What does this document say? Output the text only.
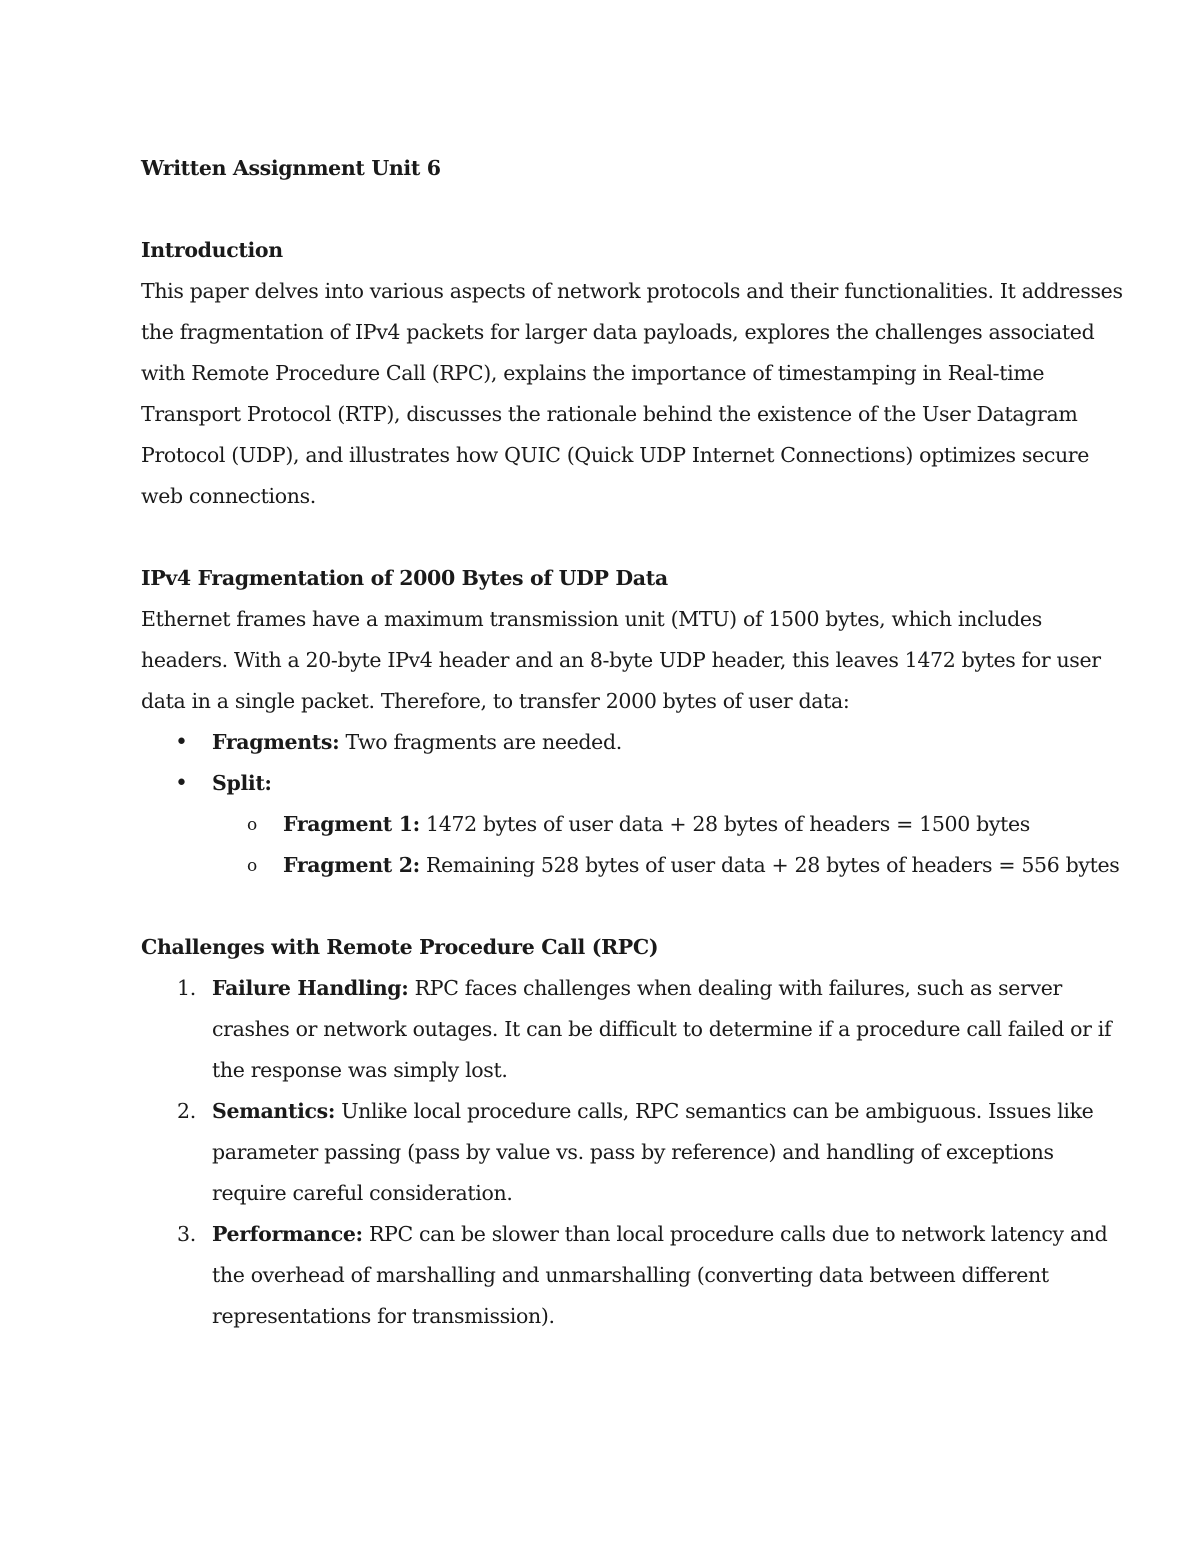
Written Assignment Unit 6

Introduction

This paper delves into various aspects of network protocols and their functionalities. It addresses
the fragmentation of IPv4 packets for larger data payloads, explores the challenges associated
with Remote Procedure Call (RPC), explains the importance of timestamping in Real-time
Transport Protocol (RTP), discusses the rationale behind the existence of the User Datagram
Protocol (UDP), and illustrates how QUIC (Quick UDP Internet Connections) optimizes secure
web connections.

IPv4 Fragmentation of 2000 Bytes of UDP Data

Ethernet frames have a maximum transmission unit (MTU) of 1500 bytes, which includes
headers. With a 20-byte IPv4 header and an 8-byte UDP header, this leaves 1472 bytes for user
data in a single packet. Therefore, to transfer 2000 bytes of user data:

• Fragments: Two fragments are needed.
• Split:
o Fragment 1: 1472 bytes of user data + 28 bytes of headers = 1500 bytes
o Fragment 2: Remaining 528 bytes of user data + 28 bytes of headers = 556 bytes

Challenges with Remote Procedure Call (RPC)

1. Failure Handling: RPC faces challenges when dealing with failures, such as server
crashes or network outages. It can be difficult to determine if a procedure call failed or if
the response was simply lost.
2. Semantics: Unlike local procedure calls, RPC semantics can be ambiguous. Issues like
parameter passing (pass by value vs. pass by reference) and handling of exceptions
require careful consideration.
3. Performance: RPC can be slower than local procedure calls due to network latency and
the overhead of marshalling and unmarshalling (converting data between different
representations for transmission).
